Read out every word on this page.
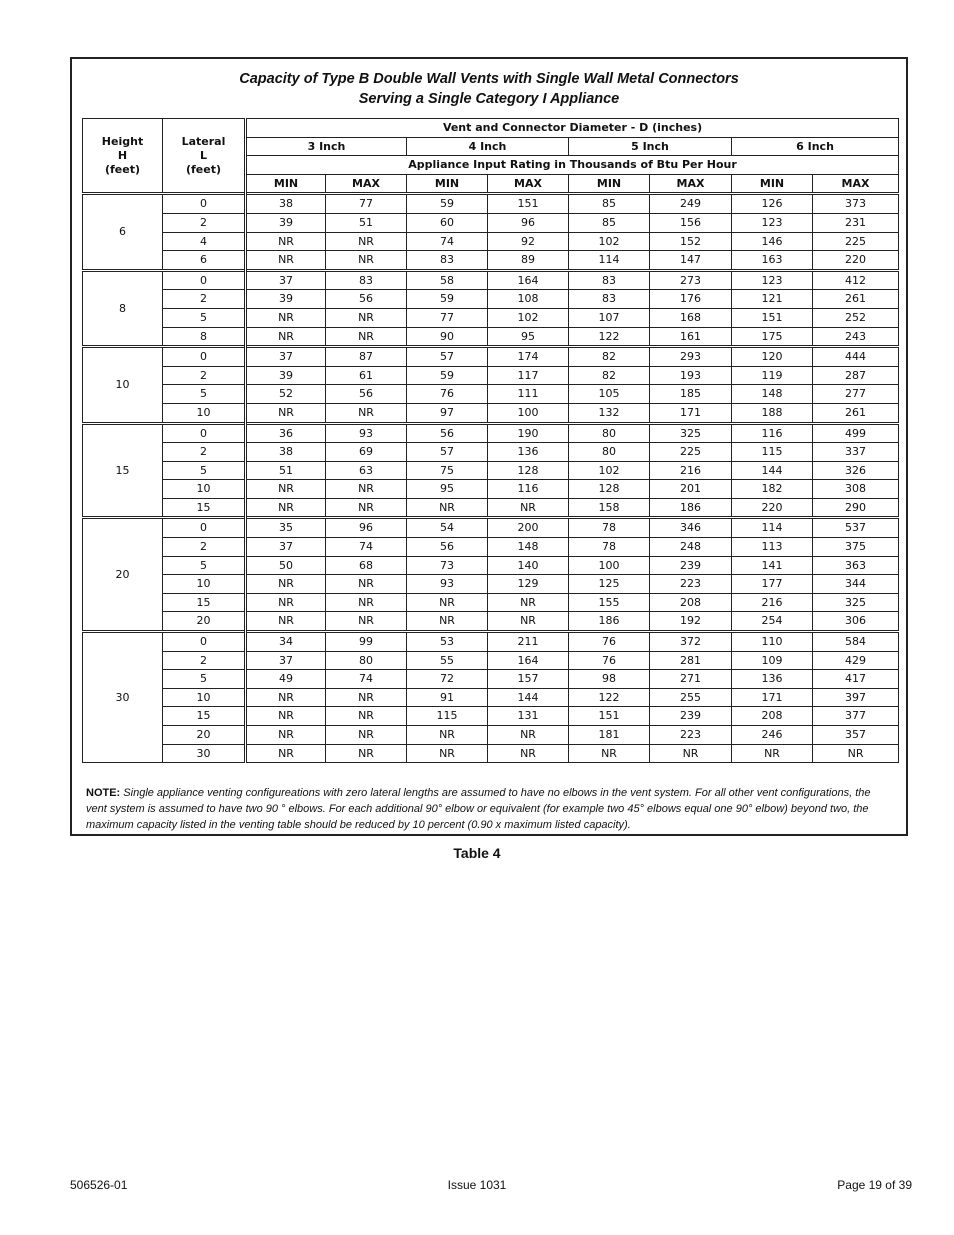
Capacity of Type B Double Wall Vents with Single Wall Metal Connectors
Serving a Single Category I Appliance
Height
H
(feet)	Lateral
L
(feet)	Vent and Connector Diameter - D (inches)							
		3 Inch		4 Inch		5 Inch		6 Inch	
		Appliance Input Rating in Thousands of Btu Per Hour							
		MIN	MAX	MIN	MAX	MIN	MAX	MIN	MAX
6	0	38	77	59	151	85	249	126	373
	2	39	51	60	96	85	156	123	231
	4	NR	NR	74	92	102	152	146	225
	6	NR	NR	83	89	114	147	163	220
8	0	37	83	58	164	83	273	123	412
	2	39	56	59	108	83	176	121	261
	5	NR	NR	77	102	107	168	151	252
	8	NR	NR	90	95	122	161	175	243
10	0	37	87	57	174	82	293	120	444
	2	39	61	59	117	82	193	119	287
	5	52	56	76	111	105	185	148	277
	10	NR	NR	97	100	132	171	188	261
15	0	36	93	56	190	80	325	116	499
	2	38	69	57	136	80	225	115	337
	5	51	63	75	128	102	216	144	326
	10	NR	NR	95	116	128	201	182	308
	15	NR	NR	NR	NR	158	186	220	290
20	0	35	96	54	200	78	346	114	537
	2	37	74	56	148	78	248	113	375
	5	50	68	73	140	100	239	141	363
	10	NR	NR	93	129	125	223	177	344
	15	NR	NR	NR	NR	155	208	216	325
	20	NR	NR	NR	NR	186	192	254	306
30	0	34	99	53	211	76	372	110	584
	2	37	80	55	164	76	281	109	429
	5	49	74	72	157	98	271	136	417
	10	NR	NR	91	144	122	255	171	397
	15	NR	NR	115	131	151	239	208	377
	20	NR	NR	NR	NR	181	223	246	357
	30	NR	NR	NR	NR	NR	NR	NR	NR
NOTE: Single appliance venting configureations with zero lateral lengths are assumed to have no elbows in the vent system. For all other vent configurations, the vent system is assumed to have two 90 ° elbows. For each additional 90° elbow or equivalent (for example two 45° elbows equal one 90° elbow) beyond two, the maximum capacity listed in the venting table should be reduced by 10 percent (0.90 x maximum listed capacity).
Table 4
506526-01	Issue 1031	Page 19 of 39
